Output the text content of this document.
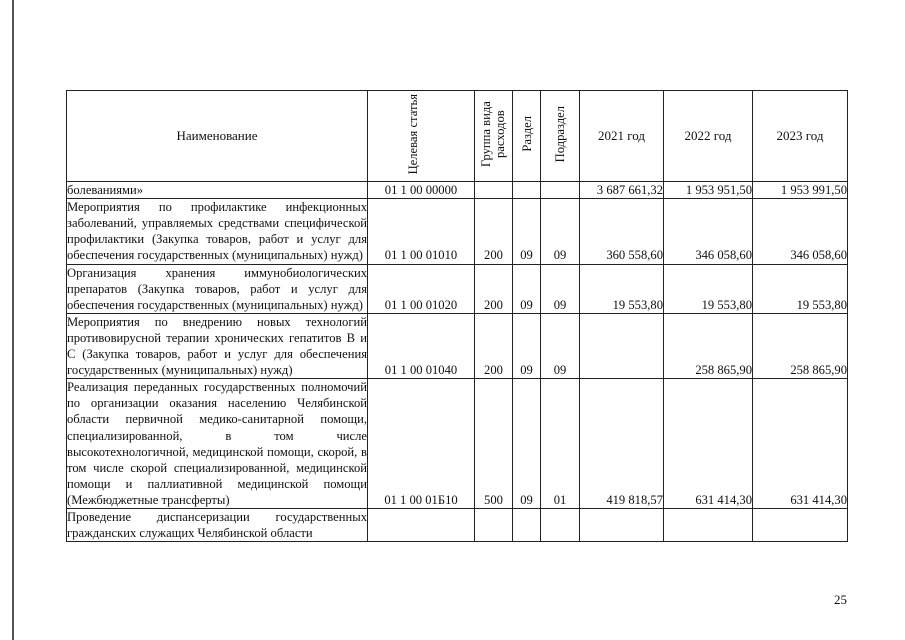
Наименование	Целевая статья	Группа вида расходов	Раздел	Подраздел	2021 год	2022 год	2023 год
болеваниями»	01 1 00 00000				3 687 661,32	1 953 951,50	1 953 991,50
Мероприятия по профилактике инфекционных заболеваний, управляемых средствами специфической профилактики (Закупка товаров, работ и услуг для обеспечения государственных (муниципальных) нужд)	01 1 00 01010	200	09	09	360 558,60	346 058,60	346 058,60
Организация хранения иммунобиологических препаратов (Закупка товаров, работ и услуг для обеспечения государственных (муниципальных) нужд)	01 1 00 01020	200	09	09	19 553,80	19 553,80	19 553,80
Мероприятия по внедрению новых технологий противовирусной терапии хронических гепатитов В и С (Закупка товаров, работ и услуг для обеспечения государственных (муниципальных) нужд)	01 1 00 01040	200	09	09		258 865,90	258 865,90
Реализация переданных государственных полномочий по организации оказания населению Челябинской области первичной медико-санитарной помощи, специализированной, в том числе высокотехнологичной, медицинской помощи, скорой, в том числе скорой специализированной, медицинской помощи и паллиативной медицинской помощи (Межбюджетные трансферты)	01 1 00 01Б10	500	09	01	419 818,57	631 414,30	631 414,30
Проведение диспансеризации государственных гражданских служащих Челябинской области							
25
